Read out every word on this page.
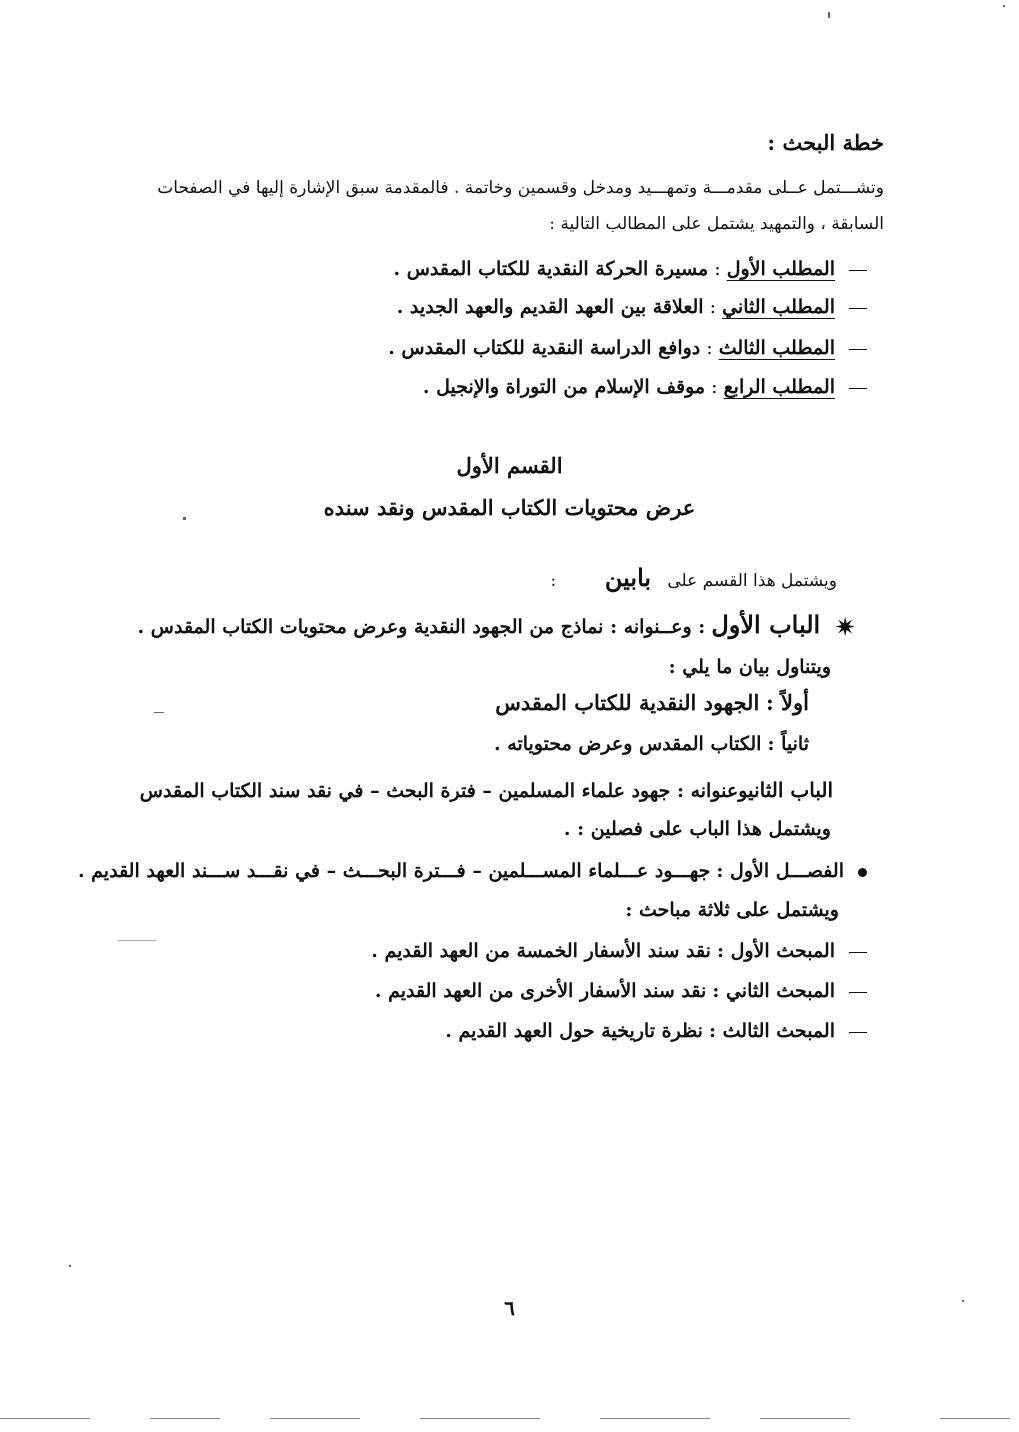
خطة البحث :
وتشـــتمل عــلى مقدمـــة وتمهـــيد ومدخل وقسمين وخاتمة . فالمقدمة سبق الإشارة إليها في الصفحات
السابقة ، والتمهيد يشتمل على المطالب التالية :
المطلب الأول : مسيرة الحركة النقدية للكتاب المقدس .
المطلب الثاني : العلاقة بين العهد القديم والعهد الجديد .
المطلب الثالث : دوافع الدراسة النقدية للكتاب المقدس .
المطلب الرابع : موقف الإسلام من التوراة والإنجيل .
القسم الأول
عرض محتويات الكتاب المقدس ونقد سنده
ويشتمل هذا القسم على   بابين         :
✷الباب الأول : وعــنوانه : نماذج من الجهود النقدية وعرض محتويات الكتاب المقدس .
ويتناول بيان ما يلي :
أولاً : الجهود النقدية للكتاب المقدس
ثانياً : الكتاب المقدس وعرض محتوياته .
الباب الثانيوعنوانه : جهود علماء المسلمين – فترة البحث – في نقد سند الكتاب المقدس
ويشتمل هذا الباب على فصلين : .
الفصـــل الأول : جهـــود عـــلماء المســـلمين – فـــترة البحـــث – في نقـــد ســـند العهد القديم .
ويشتمل على ثلاثة مباحث :
المبحث الأول : نقد سند الأسفار الخمسة من العهد القديم .
المبحث الثاني : نقد سند الأسفار الأخرى من العهد القديم .
المبحث الثالث : نظرة تاريخية حول العهد القديم .
٦
